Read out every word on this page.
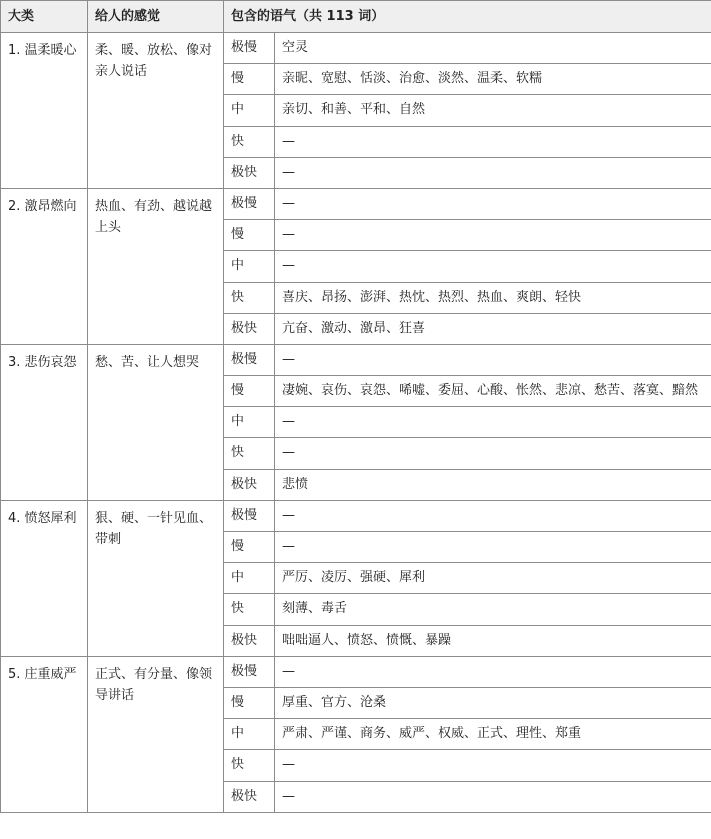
大类	给人的感觉	包含的语气（共 113 词）	
1. 温柔暖心	柔、暖、放松、像对亲人说话	极慢	空灵
		慢	亲昵、宽慰、恬淡、治愈、淡然、温柔、软糯
		中	亲切、和善、平和、自然
		快	—
		极快	—
2. 激昂燃向	热血、有劲、越说越上头	极慢	—
		慢	—
		中	—
		快	喜庆、昂扬、澎湃、热忱、热烈、热血、爽朗、轻快
		极快	亢奋、激动、激昂、狂喜
3. 悲伤哀怨	愁、苦、让人想哭	极慢	—
		慢	凄婉、哀伤、哀怨、唏嘘、委屈、心酸、怅然、悲凉、愁苦、落寞、黯然
		中	—
		快	—
		极快	悲愤
4. 愤怒犀利	狠、硬、一针见血、带刺	极慢	—
		慢	—
		中	严厉、凌厉、强硬、犀利
		快	刻薄、毒舌
		极快	咄咄逼人、愤怒、愤慨、暴躁
5. 庄重威严	正式、有分量、像领导讲话	极慢	—
		慢	厚重、官方、沧桑
		中	严肃、严谨、商务、威严、权威、正式、理性、郑重
		快	—
		极快	—
